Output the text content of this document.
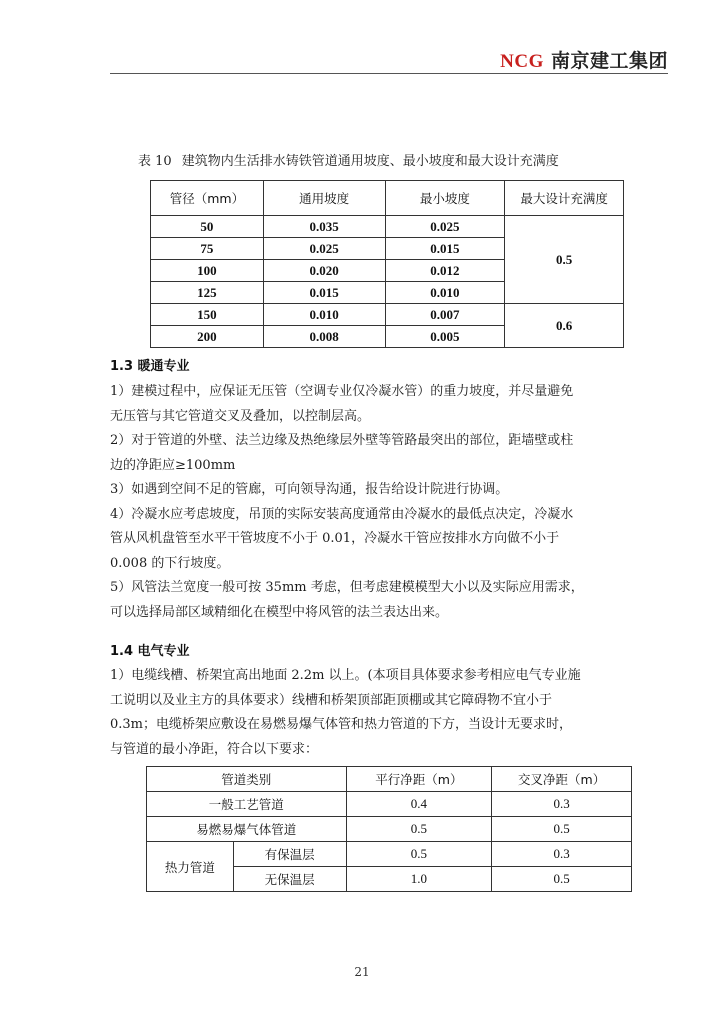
NCG 南京建工集团
表 10 建筑物内生活排水铸铁管道通用坡度、最小坡度和最大设计充满度
管径（mm）	通用坡度	最小坡度	最大设计充满度
50	0.035	0.025	0.5
75	0.025	0.015	
100	0.020	0.012	
125	0.015	0.010	
150	0.010	0.007	0.6
200	0.008	0.005	
1.3 暖通专业
1）建模过程中，应保证无压管（空调专业仅冷凝水管）的重力坡度，并尽量避免
无压管与其它管道交叉及叠加，以控制层高。
2）对于管道的外壁、法兰边缘及热绝缘层外壁等管路最突出的部位，距墙壁或柱
边的净距应≥100mm
3）如遇到空间不足的管廊，可向领导沟通，报告给设计院进行协调。
4）冷凝水应考虑坡度，吊顶的实际安装高度通常由冷凝水的最低点决定，冷凝水
管从风机盘管至水平干管坡度不小于 0.01，冷凝水干管应按排水方向做不小于
0.008 的下行坡度。
5）风管法兰宽度一般可按 35mm 考虑，但考虑建模模型大小以及实际应用需求，
可以选择局部区域精细化在模型中将风管的法兰表达出来。
1.4 电气专业
1）电缆线槽、桥架宜高出地面 2.2m 以上。(本项目具体要求参考相应电气专业施
工说明以及业主方的具体要求）线槽和桥架顶部距顶棚或其它障碍物不宜小于
0.3m；电缆桥架应敷设在易燃易爆气体管和热力管道的下方，当设计无要求时，
与管道的最小净距，符合以下要求：
管道类别		平行净距（m）	交叉净距（m）
一般工艺管道		0.4	0.3
易燃易爆气体管道		0.5	0.5
热力管道	有保温层	0.5	0.3
	无保温层	1.0	0.5
21
